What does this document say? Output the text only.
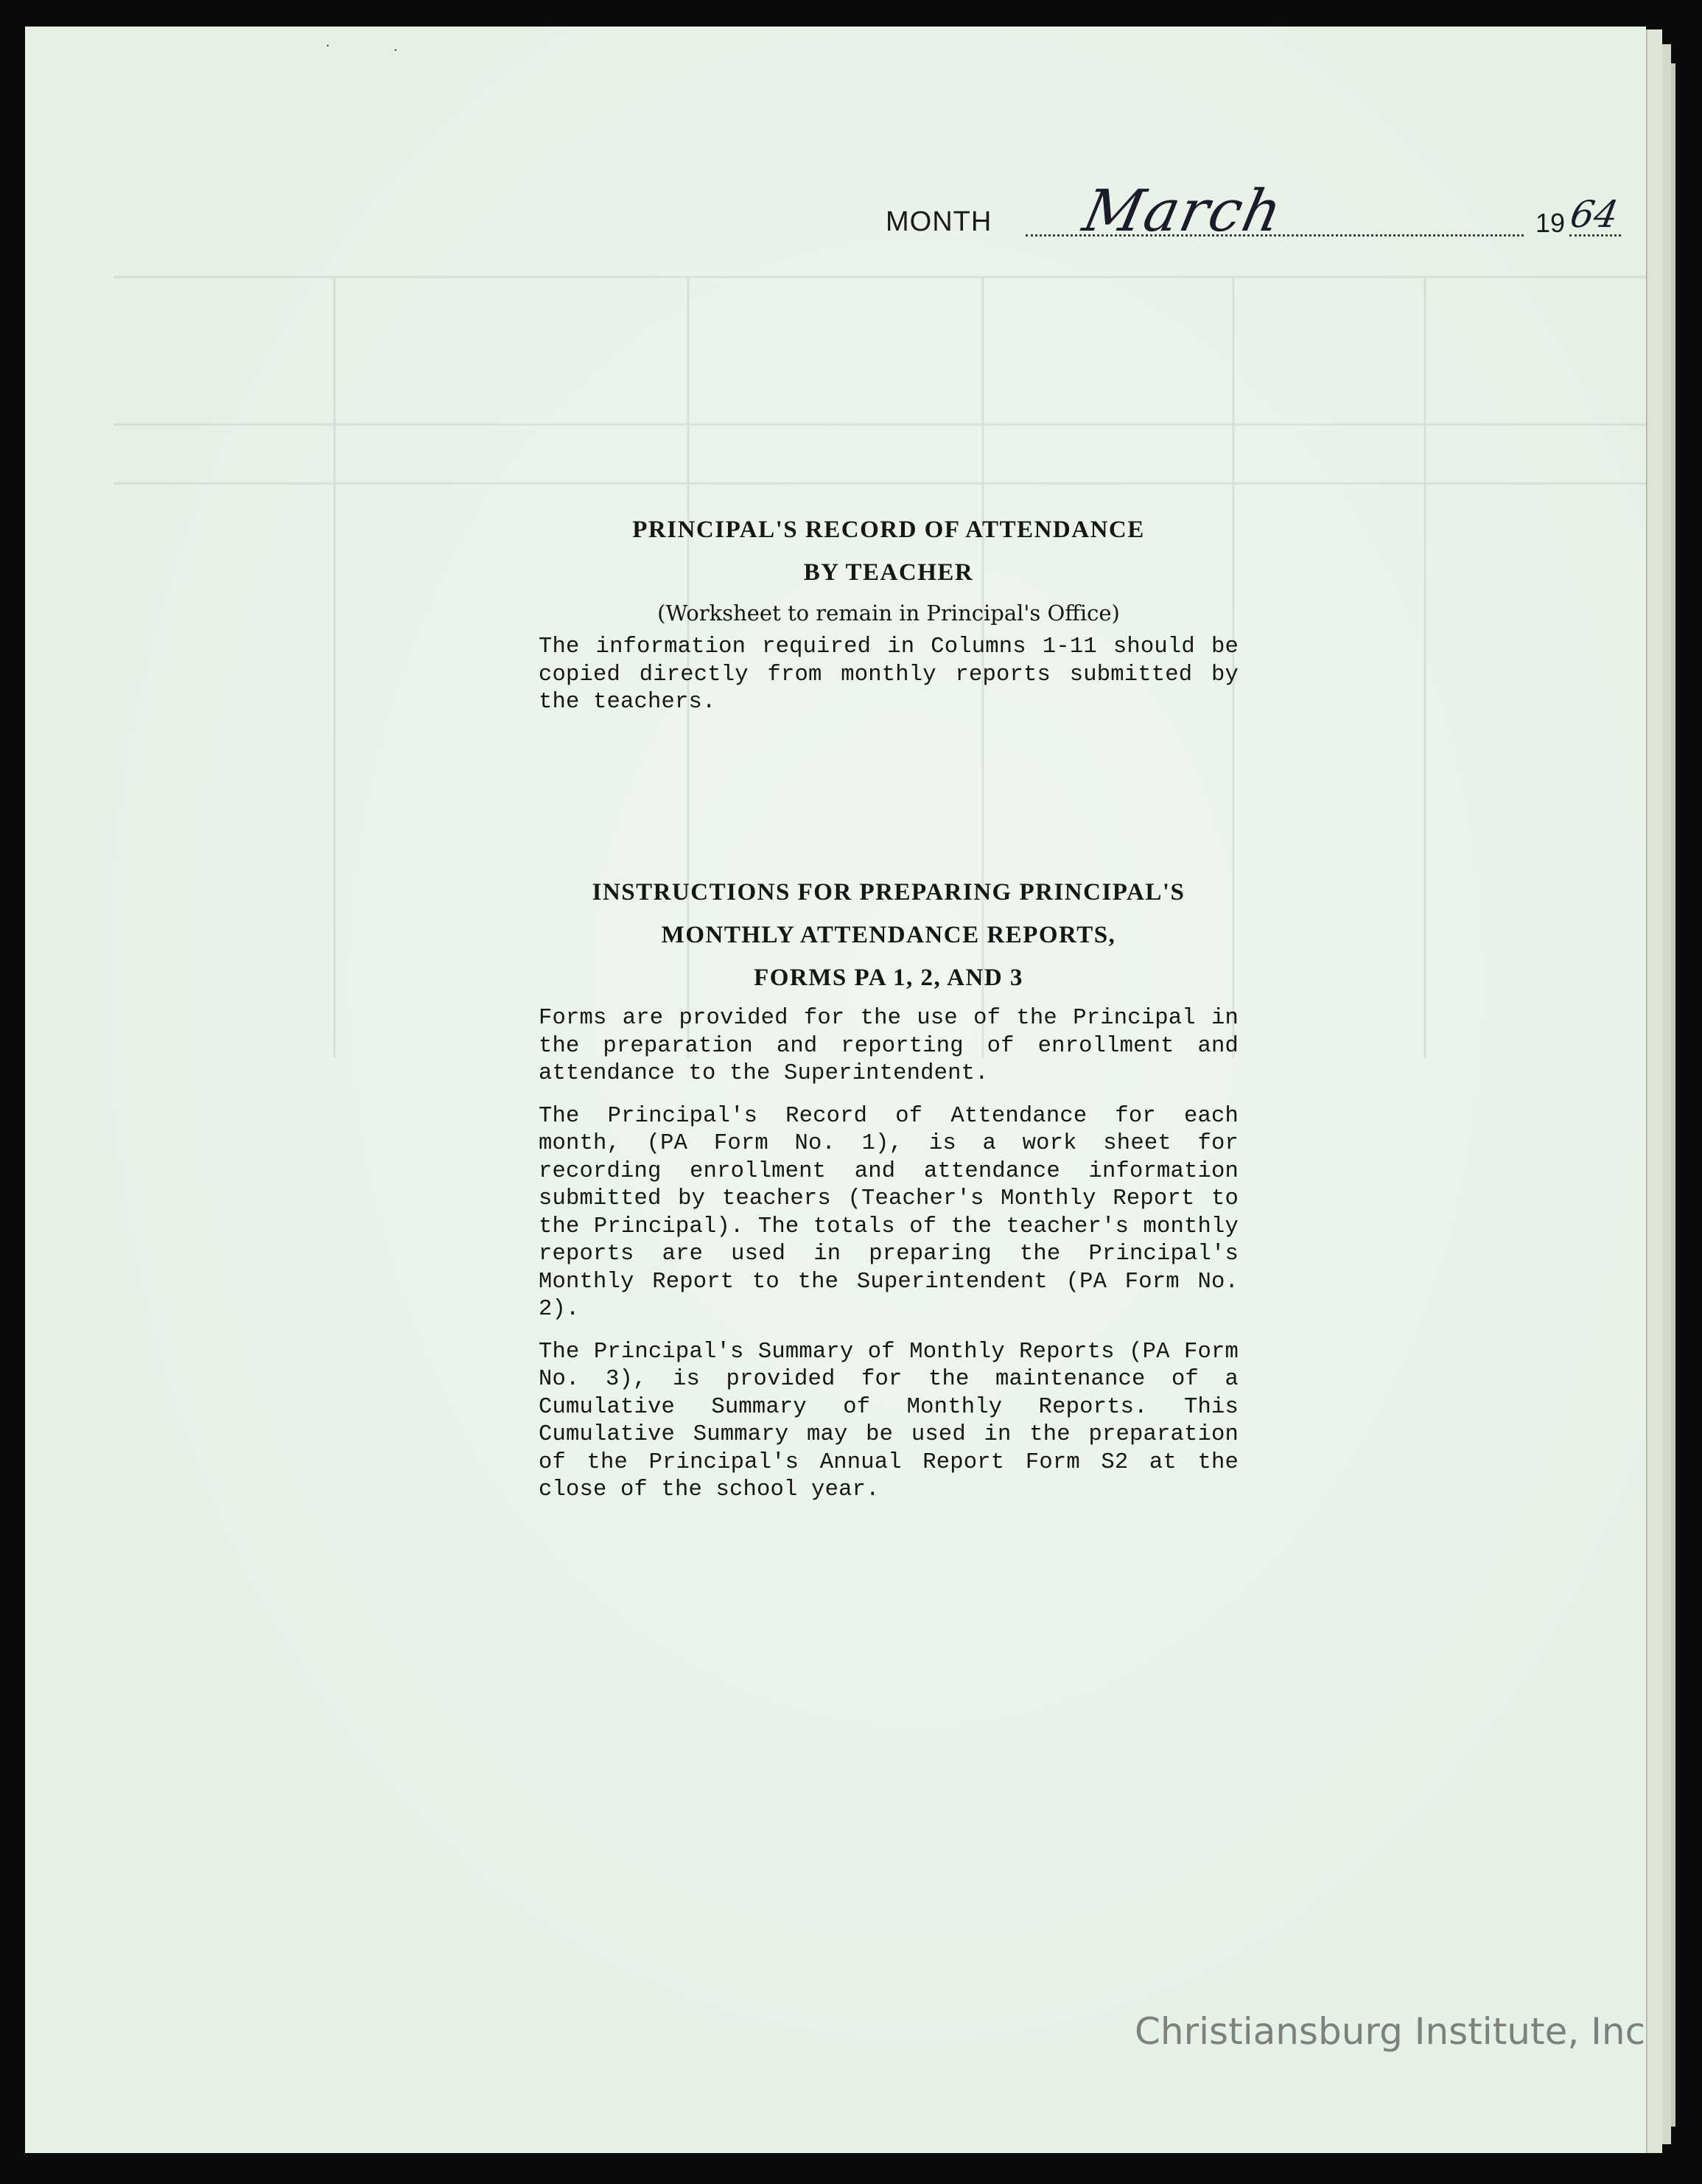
·	·
MONTH March	19 64

PRINCIPAL'S RECORD OF ATTENDANCE

BY TEACHER

(Worksheet to remain in Principal's Office)

The information required in Columns 1-11 should be copied directly from monthly reports submitted by the teachers.

INSTRUCTIONS FOR PREPARING PRINCIPAL'S

MONTHLY ATTENDANCE REPORTS,

FORMS PA 1, 2, AND 3

Forms are provided for the use of the Principal in the preparation and reporting of enrollment and attendance to the Superintendent.

The Principal's Record of Attendance for each month, (PA Form No. 1), is a work sheet for recording enrollment and attendance information submitted by teachers (Teacher's Monthly Report to the Principal). The totals of the teacher's monthly reports are used in preparing the Principal's Monthly Report to the Superintendent (PA Form No. 2).

The Principal's Summary of Monthly Reports (PA Form No. 3), is provided for the maintenance of a Cumulative Summary of Monthly Reports. This Cumulative Summary may be used in the preparation of the Principal's Annual Report Form S2 at the close of the school year.

Christiansburg Institute, Inc
